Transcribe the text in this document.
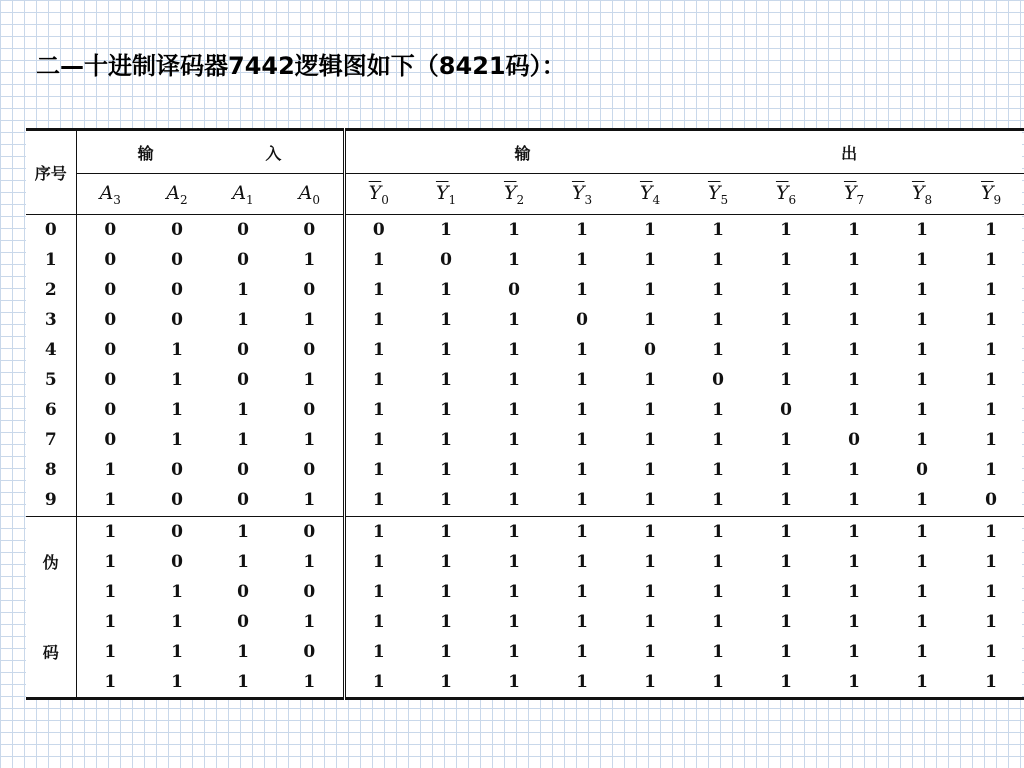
二—十进制译码器7442逻辑图如下（8421码）：
序号	输 入				输 出									
	$A_3$	$A_2$	$A_1$	$A_0$	$\overline{Y}_0$	$\overline{Y}_1$	$\overline{Y}_2$	$\overline{Y}_3$	$\overline{Y}_4$	$\overline{Y}_5$	$\overline{Y}_6$	$\overline{Y}_7$	$\overline{Y}_8$	$\overline{Y}_9$
0	0	0	0	0	0	1	1	1	1	1	1	1	1	1
1	0	0	0	1	1	0	1	1	1	1	1	1	1	1
2	0	0	1	0	1	1	0	1	1	1	1	1	1	1
3	0	0	1	1	1	1	1	0	1	1	1	1	1	1
4	0	1	0	0	1	1	1	1	0	1	1	1	1	1
5	0	1	0	1	1	1	1	1	1	0	1	1	1	1
6	0	1	1	0	1	1	1	1	1	1	0	1	1	1
7	0	1	1	1	1	1	1	1	1	1	1	0	1	1
8	1	0	0	0	1	1	1	1	1	1	1	1	0	1
9	1	0	0	1	1	1	1	1	1	1	1	1	1	0
伪	1	0	1	0	1	1	1	1	1	1	1	1	1	1
	1	0	1	1	1	1	1	1	1	1	1	1	1	1
	1	1	0	0	1	1	1	1	1	1	1	1	1	1
码	1	1	0	1	1	1	1	1	1	1	1	1	1	1
	1	1	1	0	1	1	1	1	1	1	1	1	1	1
	1	1	1	1	1	1	1	1	1	1	1	1	1	1
